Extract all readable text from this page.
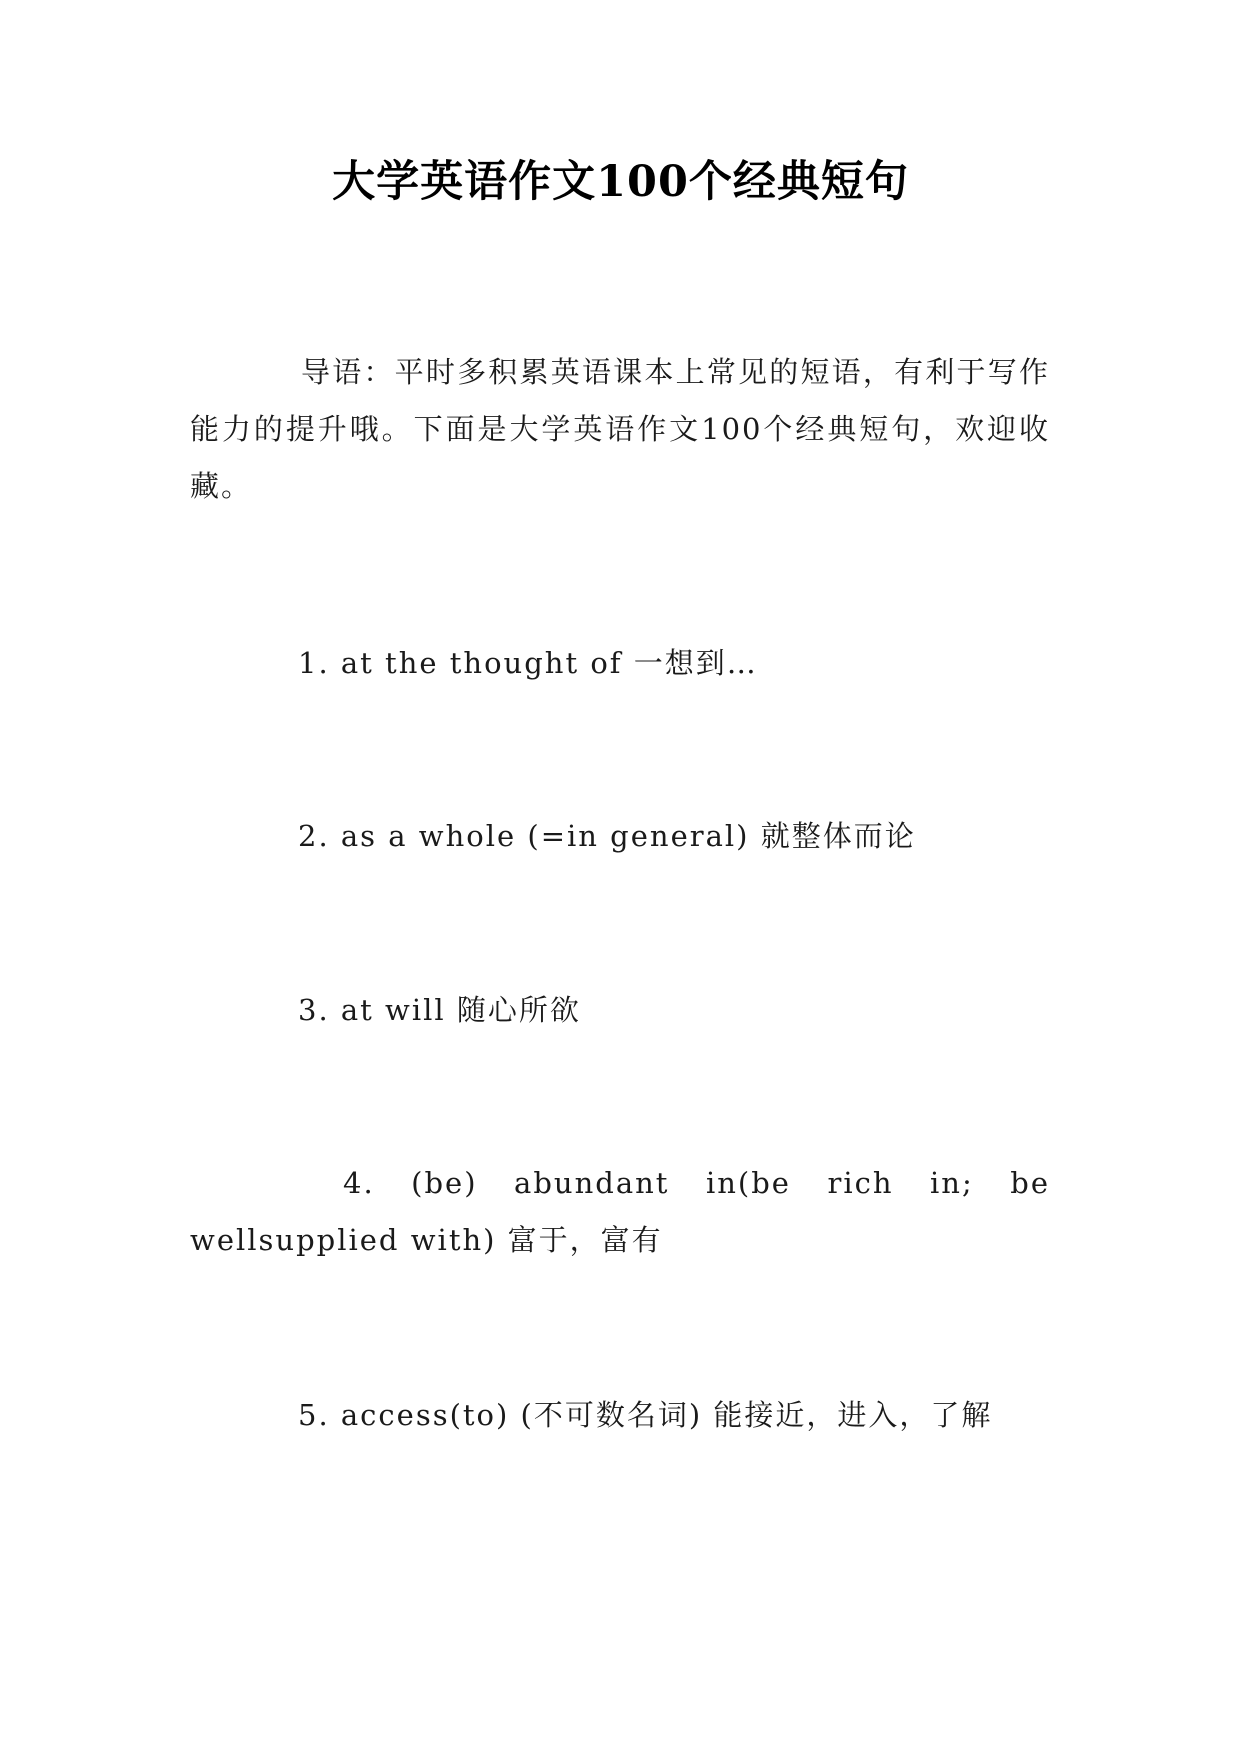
大学英语作文100个经典短句
导语：平时多积累英语课本上常见的短语，有利于写作能力的提升哦。下面是大学英语作文100个经典短句，欢迎收藏。
1. at the thought of 一想到…
2. as a whole (=in general) 就整体而论
3. at will 随心所欲
4. (be) abundant in(be rich in; be
wellsupplied with) 富于，富有
5. access(to) (不可数名词) 能接近，进入，了解
